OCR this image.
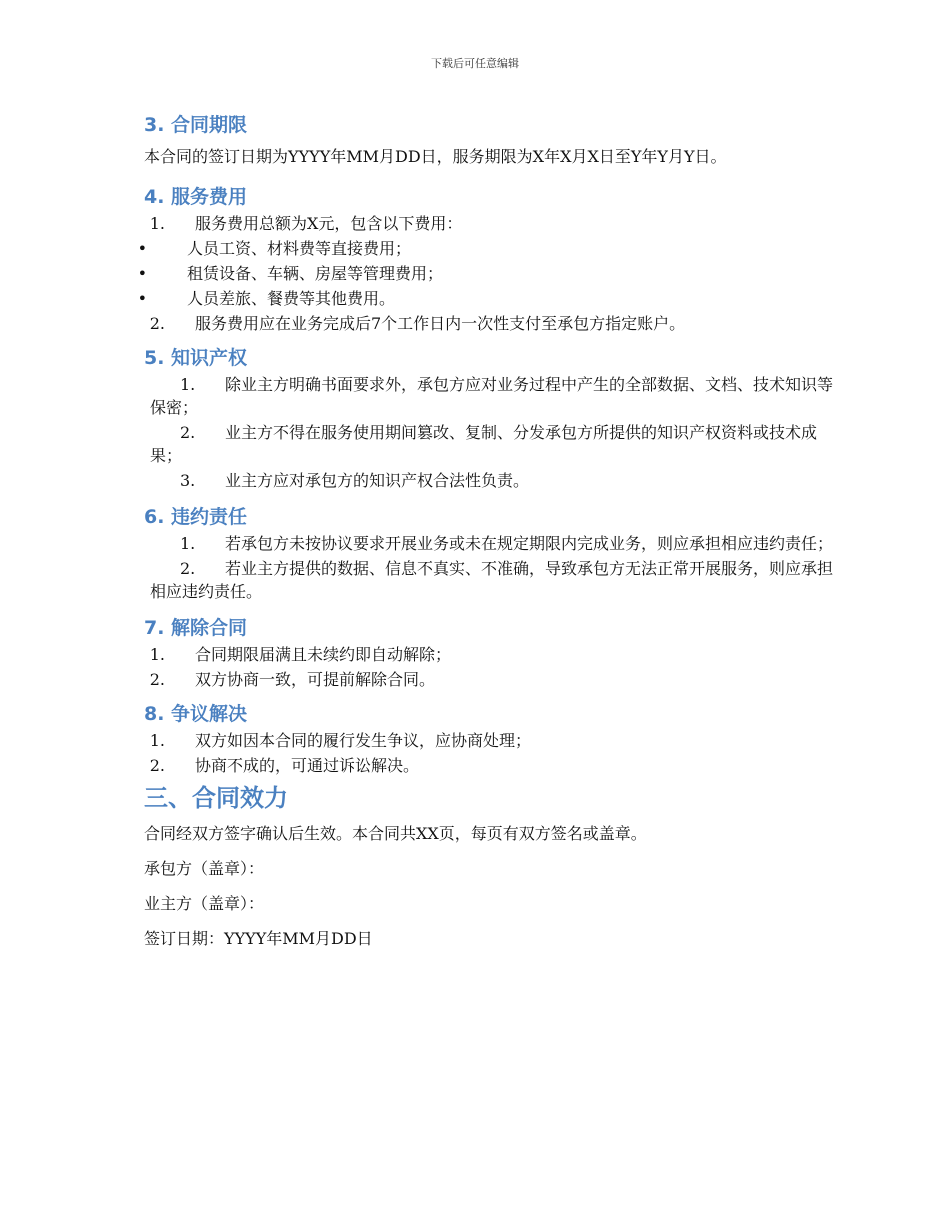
下载后可任意编辑
3. 合同期限

本合同的签订日期为YYYY年MM月DD日，服务期限为X年X月X日至Y年Y月Y日。

4. 服务费用
1.	服务费用总额为X元，包含以下费用：
•	人员工资、材料费等直接费用；
•	租赁设备、车辆、房屋等管理费用；
•	人员差旅、餐费等其他费用。
2.	服务费用应在业务完成后7个工作日内一次性支付至承包方指定账户。
5. 知识产权

1. 除业主方明确书面要求外，承包方应对业务过程中产生的全部数据、文档、技术知识等保密；

2. 业主方不得在服务使用期间篡改、复制、分发承包方所提供的知识产权资料或技术成果；

3. 业主方应对承包方的知识产权合法性负责。

6. 违约责任

1. 若承包方未按协议要求开展业务或未在规定期限内完成业务，则应承担相应违约责任；

2. 若业主方提供的数据、信息不真实、不准确，导致承包方无法正常开展服务，则应承担相应违约责任。

7. 解除合同
1.	合同期限届满且未续约即自动解除；
2.	双方协商一致，可提前解除合同。
8. 争议解决
1.	双方如因本合同的履行发生争议，应协商处理；
2.	协商不成的，可通过诉讼解决。
三、合同效力

合同经双方签字确认后生效。本合同共XX页，每页有双方签名或盖章。

承包方（盖章）：

业主方（盖章）：

签订日期：YYYY年MM月DD日
